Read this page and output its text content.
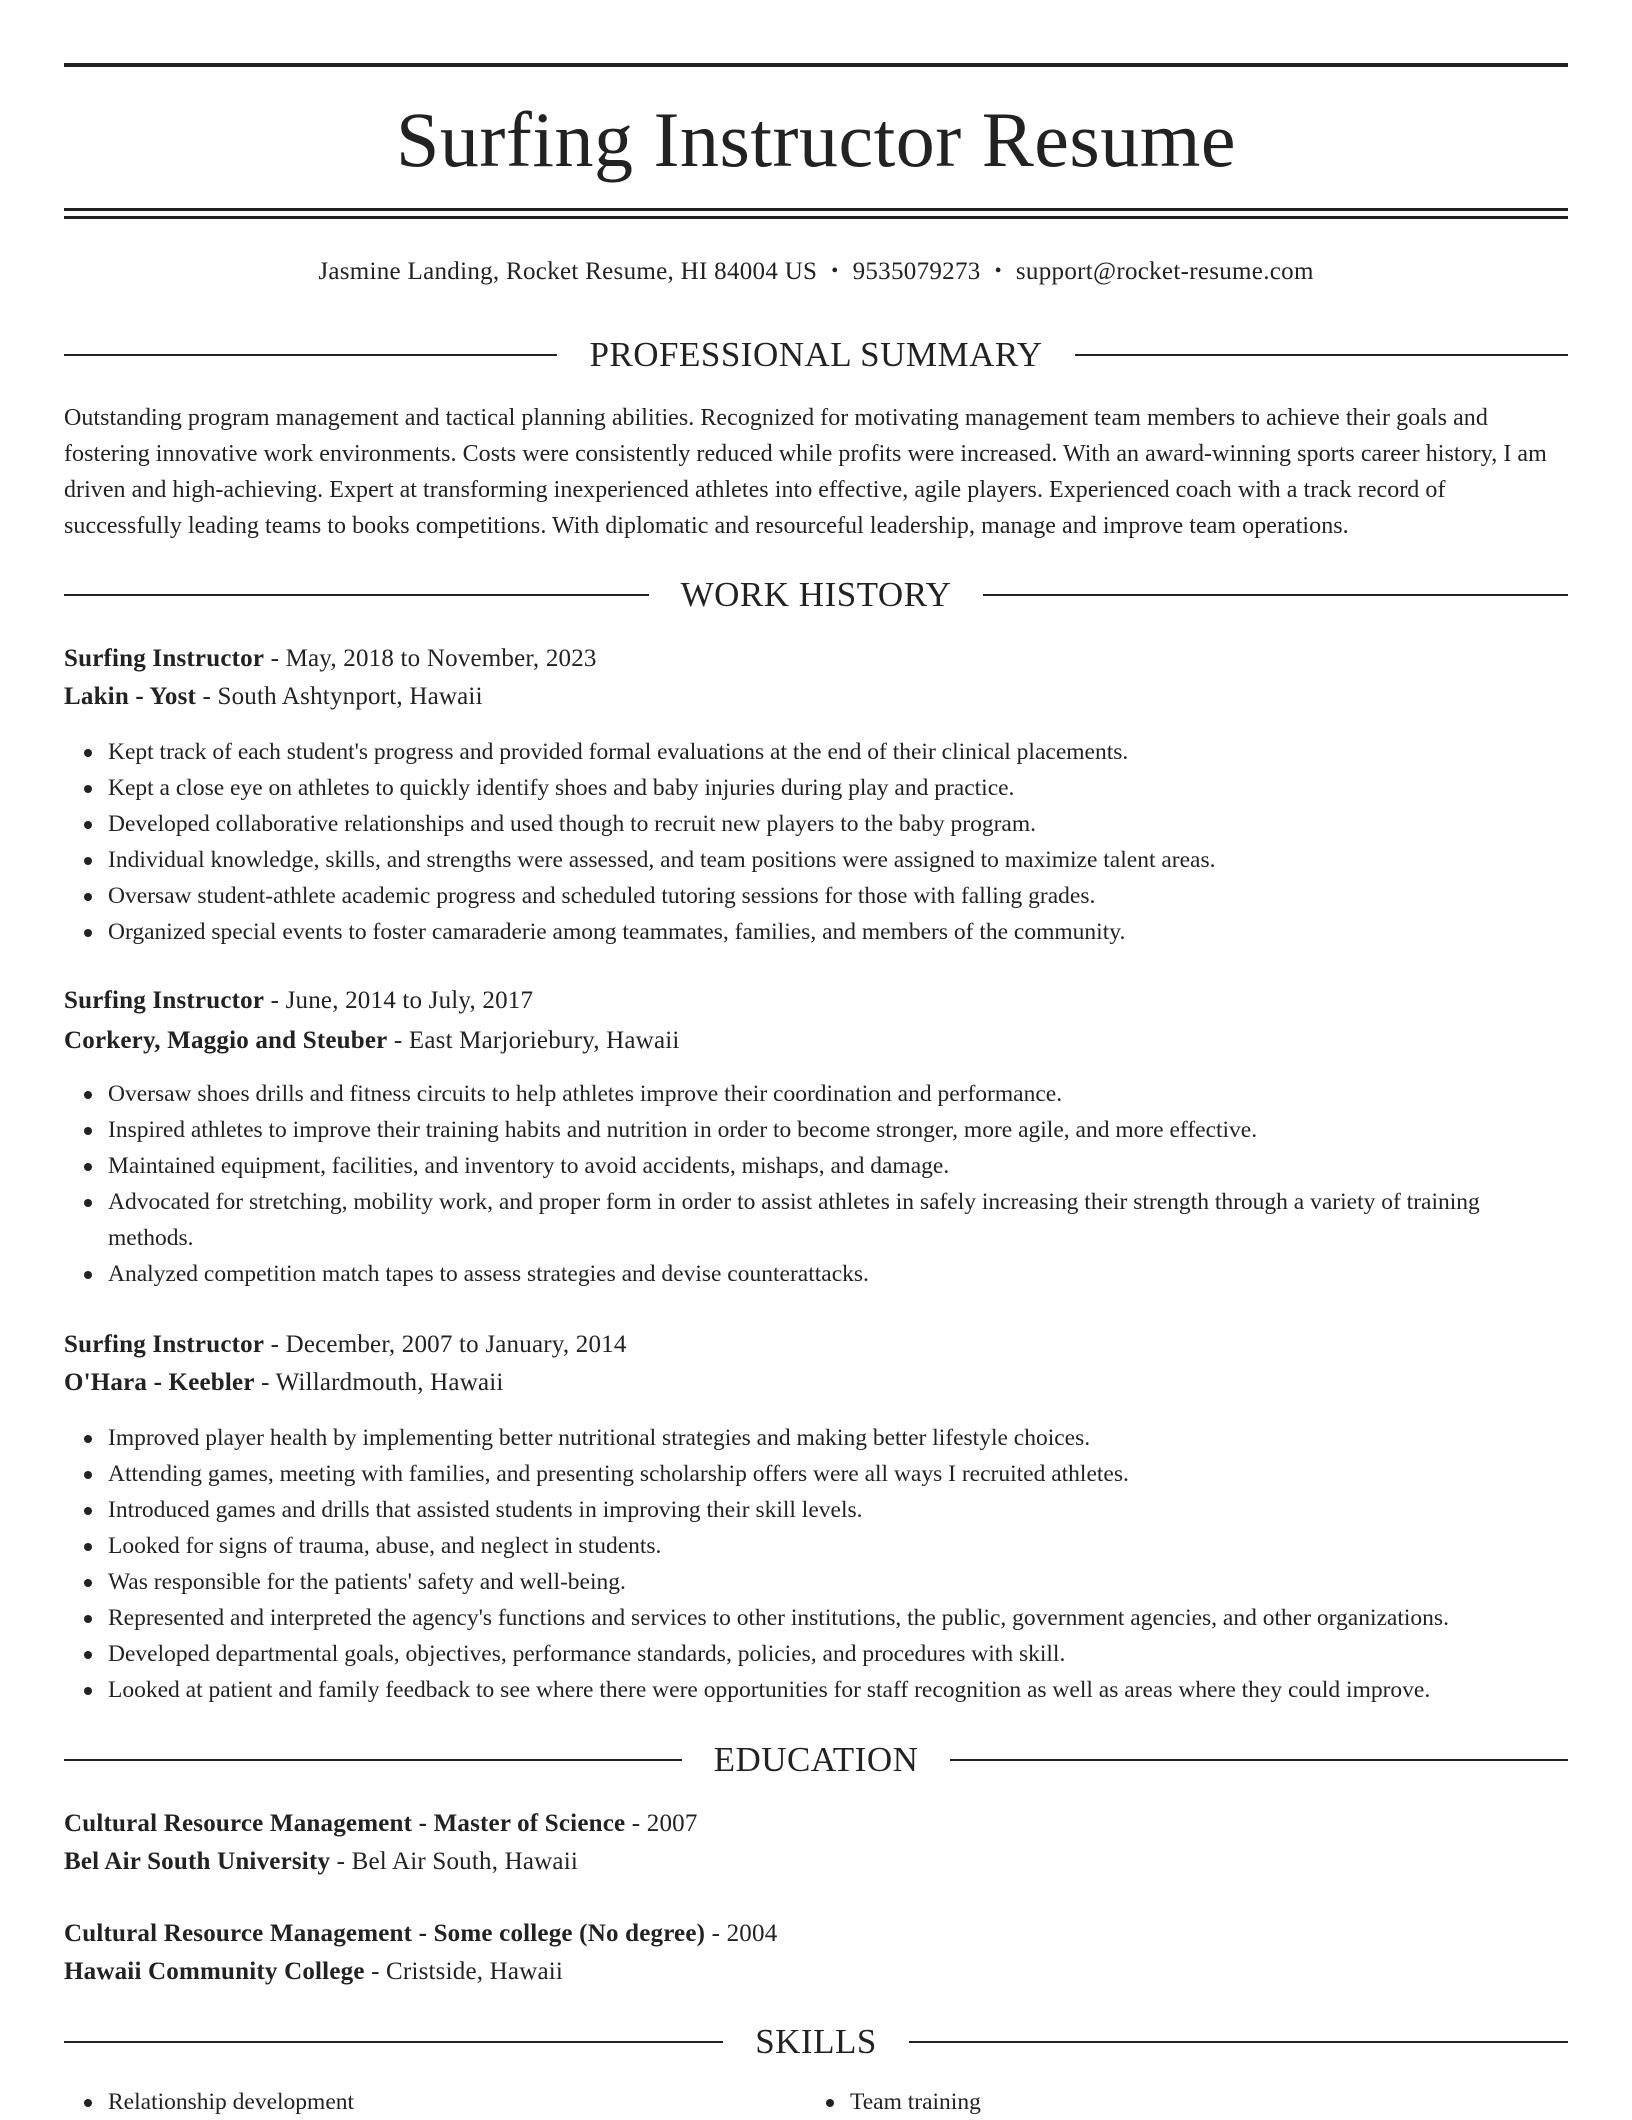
Surfing Instructor Resume
Jasmine Landing, Rocket Resume, HI 84004 US • 9535079273 • support@rocket-resume.com
PROFESSIONAL SUMMARY

Outstanding program management and tactical planning abilities. Recognized for motivating management team members to achieve their goals and fostering innovative work environments. Costs were consistently reduced while profits were increased. With an award-winning sports career history, I am driven and high-achieving. Expert at transforming inexperienced athletes into effective, agile players. Experienced coach with a track record of successfully leading teams to books competitions. With diplomatic and resourceful leadership, manage and improve team operations.

WORK HISTORY
Surfing Instructor - May, 2018 to November, 2023
Lakin - Yost - South Ashtynport, Hawaii
Kept track of each student's progress and provided formal evaluations at the end of their clinical placements.
Kept a close eye on athletes to quickly identify shoes and baby injuries during play and practice.
Developed collaborative relationships and used though to recruit new players to the baby program.
Individual knowledge, skills, and strengths were assessed, and team positions were assigned to maximize talent areas.
Oversaw student-athlete academic progress and scheduled tutoring sessions for those with falling grades.
Organized special events to foster camaraderie among teammates, families, and members of the community.
Surfing Instructor - June, 2014 to July, 2017
Corkery, Maggio and Steuber - East Marjoriebury, Hawaii
Oversaw shoes drills and fitness circuits to help athletes improve their coordination and performance.
Inspired athletes to improve their training habits and nutrition in order to become stronger, more agile, and more effective.
Maintained equipment, facilities, and inventory to avoid accidents, mishaps, and damage.
Advocated for stretching, mobility work, and proper form in order to assist athletes in safely increasing their strength through a variety of training methods.
Analyzed competition match tapes to assess strategies and devise counterattacks.
Surfing Instructor - December, 2007 to January, 2014
O'Hara - Keebler - Willardmouth, Hawaii
Improved player health by implementing better nutritional strategies and making better lifestyle choices.
Attending games, meeting with families, and presenting scholarship offers were all ways I recruited athletes.
Introduced games and drills that assisted students in improving their skill levels.
Looked for signs of trauma, abuse, and neglect in students.
Was responsible for the patients' safety and well-being.
Represented and interpreted the agency's functions and services to other institutions, the public, government agencies, and other organizations.
Developed departmental goals, objectives, performance standards, policies, and procedures with skill.
Looked at patient and family feedback to see where there were opportunities for staff recognition as well as areas where they could improve.
EDUCATION
Cultural Resource Management - Master of Science - 2007
Bel Air South University - Bel Air South, Hawaii
Cultural Resource Management - Some college (No degree) - 2004
Hawaii Community College - Cristside, Hawaii
SKILLS
Relationship development	Team training
